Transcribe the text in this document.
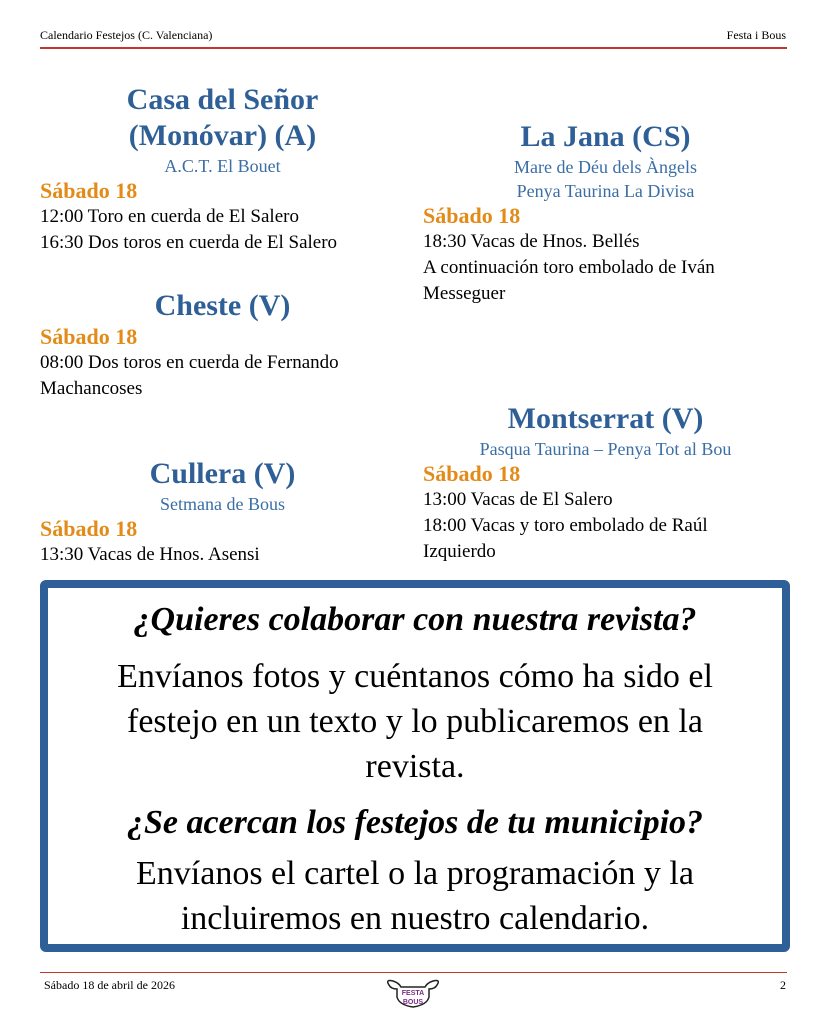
Calendario Festejos (C. Valenciana)	Festa i Bous
Casa del Señor
(Monóvar) (A)
A.C.T. El Bouet
Sábado 18
12:00 Toro en cuerda de El Salero
16:30 Dos toros en cuerda de El Salero
Cheste (V)
Sábado 18
08:00 Dos toros en cuerda de Fernando
Machancoses
Cullera (V)
Setmana de Bous
Sábado 18
13:30 Vacas de Hnos. Asensi
La Jana (CS)
Mare de Déu dels Àngels
Penya Taurina La Divisa
Sábado 18
18:30 Vacas de Hnos. Bellés
A continuación toro embolado de Iván
Messeguer
Montserrat (V)
Pasqua Taurina – Penya Tot al Bou
Sábado 18
13:00 Vacas de El Salero
18:00 Vacas y toro embolado de Raúl
Izquierdo
¿Quieres colaborar con nuestra revista?
Envíanos fotos y cuéntanos cómo ha sido el
festejo en un texto y lo publicaremos en la
revista.
¿Se acercan los festejos de tu municipio?
Envíanos el cartel o la programación y la
incluiremos en nuestro calendario.
Sábado 18 de abril de 2026	2
FESTA
BOUS
